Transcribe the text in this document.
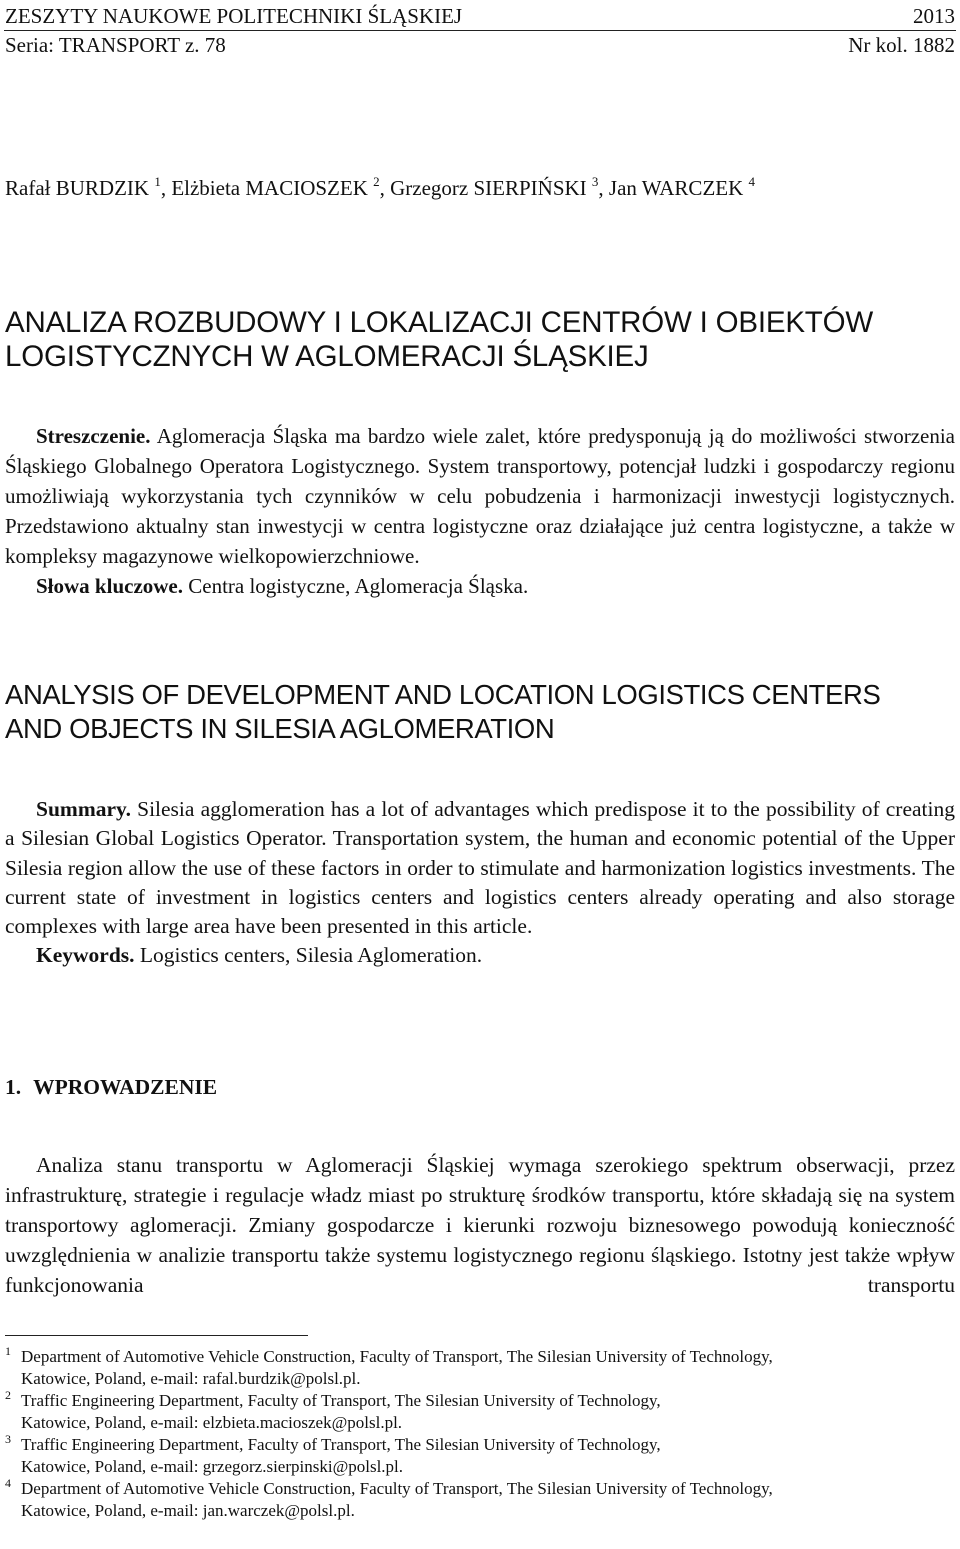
ZESZYTY NAUKOWE POLITECHNIKI ŚLĄSKIEJ	2013
Seria: TRANSPORT z. 78	Nr kol. 1882
Rafał BURDZIK $^1$, Elżbieta MACIOSZEK $^2$, Grzegorz SIERPIŃSKI $^3$, Jan WARCZEK $^4$
ANALIZA ROZBUDOWY I LOKALIZACJI CENTRÓW I OBIEKTÓW
LOGISTYCZNYCH W AGLOMERACJI ŚLĄSKIEJ

Streszczenie. Aglomeracja Śląska ma bardzo wiele zalet, które predysponują ją do możliwości stworzenia Śląskiego Globalnego Operatora Logistycznego. System transportowy, potencjał ludzki i gospodarczy regionu umożliwiają wykorzystania tych czynników w celu pobudzenia i harmonizacji inwestycji logistycznych. Przedstawiono aktualny stan inwestycji w centra logistyczne oraz działające już centra logistyczne, a także w kompleksy magazynowe wielkopowierzchniowe.

Słowa kluczowe. Centra logistyczne, Aglomeracja Śląska.

ANALYSIS OF DEVELOPMENT AND LOCATION LOGISTICS CENTERS
AND OBJECTS IN SILESIA AGLOMERATION

Summary. Silesia agglomeration has a lot of advantages which predispose it to the possibility of creating a Silesian Global Logistics Operator. Transportation system, the human and economic potential of the Upper Silesia region allow the use of these factors in order to stimulate and harmonization logistics investments. The current state of investment in logistics centers and logistics centers already operating and also storage complexes with large area have been presented in this article.

Keywords. Logistics centers, Silesia Aglomeration.

1. WPROWADZENIE

Analiza stanu transportu w Aglomeracji Śląskiej wymaga szerokiego spektrum obserwacji, przez infrastrukturę, strategie i regulacje władz miast po strukturę środków transportu, które składają się na system transportowy aglomeracji. Zmiany gospodarcze i kierunki rozwoju biznesowego powodują konieczność uwzględnienia w analizie transportu także systemu logistycznego regionu śląskiego. Istotny jest także wpływ funkcjonowania transportu

1 Department of Automotive Vehicle Construction, Faculty of Transport, The Silesian University of Technology,
Katowice, Poland, e-mail: rafal.burdzik@polsl.pl.

2 Traffic Engineering Department, Faculty of Transport, The Silesian University of Technology,
Katowice, Poland, e-mail: elzbieta.macioszek@polsl.pl.

3 Traffic Engineering Department, Faculty of Transport, The Silesian University of Technology,
Katowice, Poland, e-mail: grzegorz.sierpinski@polsl.pl.

4 Department of Automotive Vehicle Construction, Faculty of Transport, The Silesian University of Technology,
Katowice, Poland, e-mail: jan.warczek@polsl.pl.
